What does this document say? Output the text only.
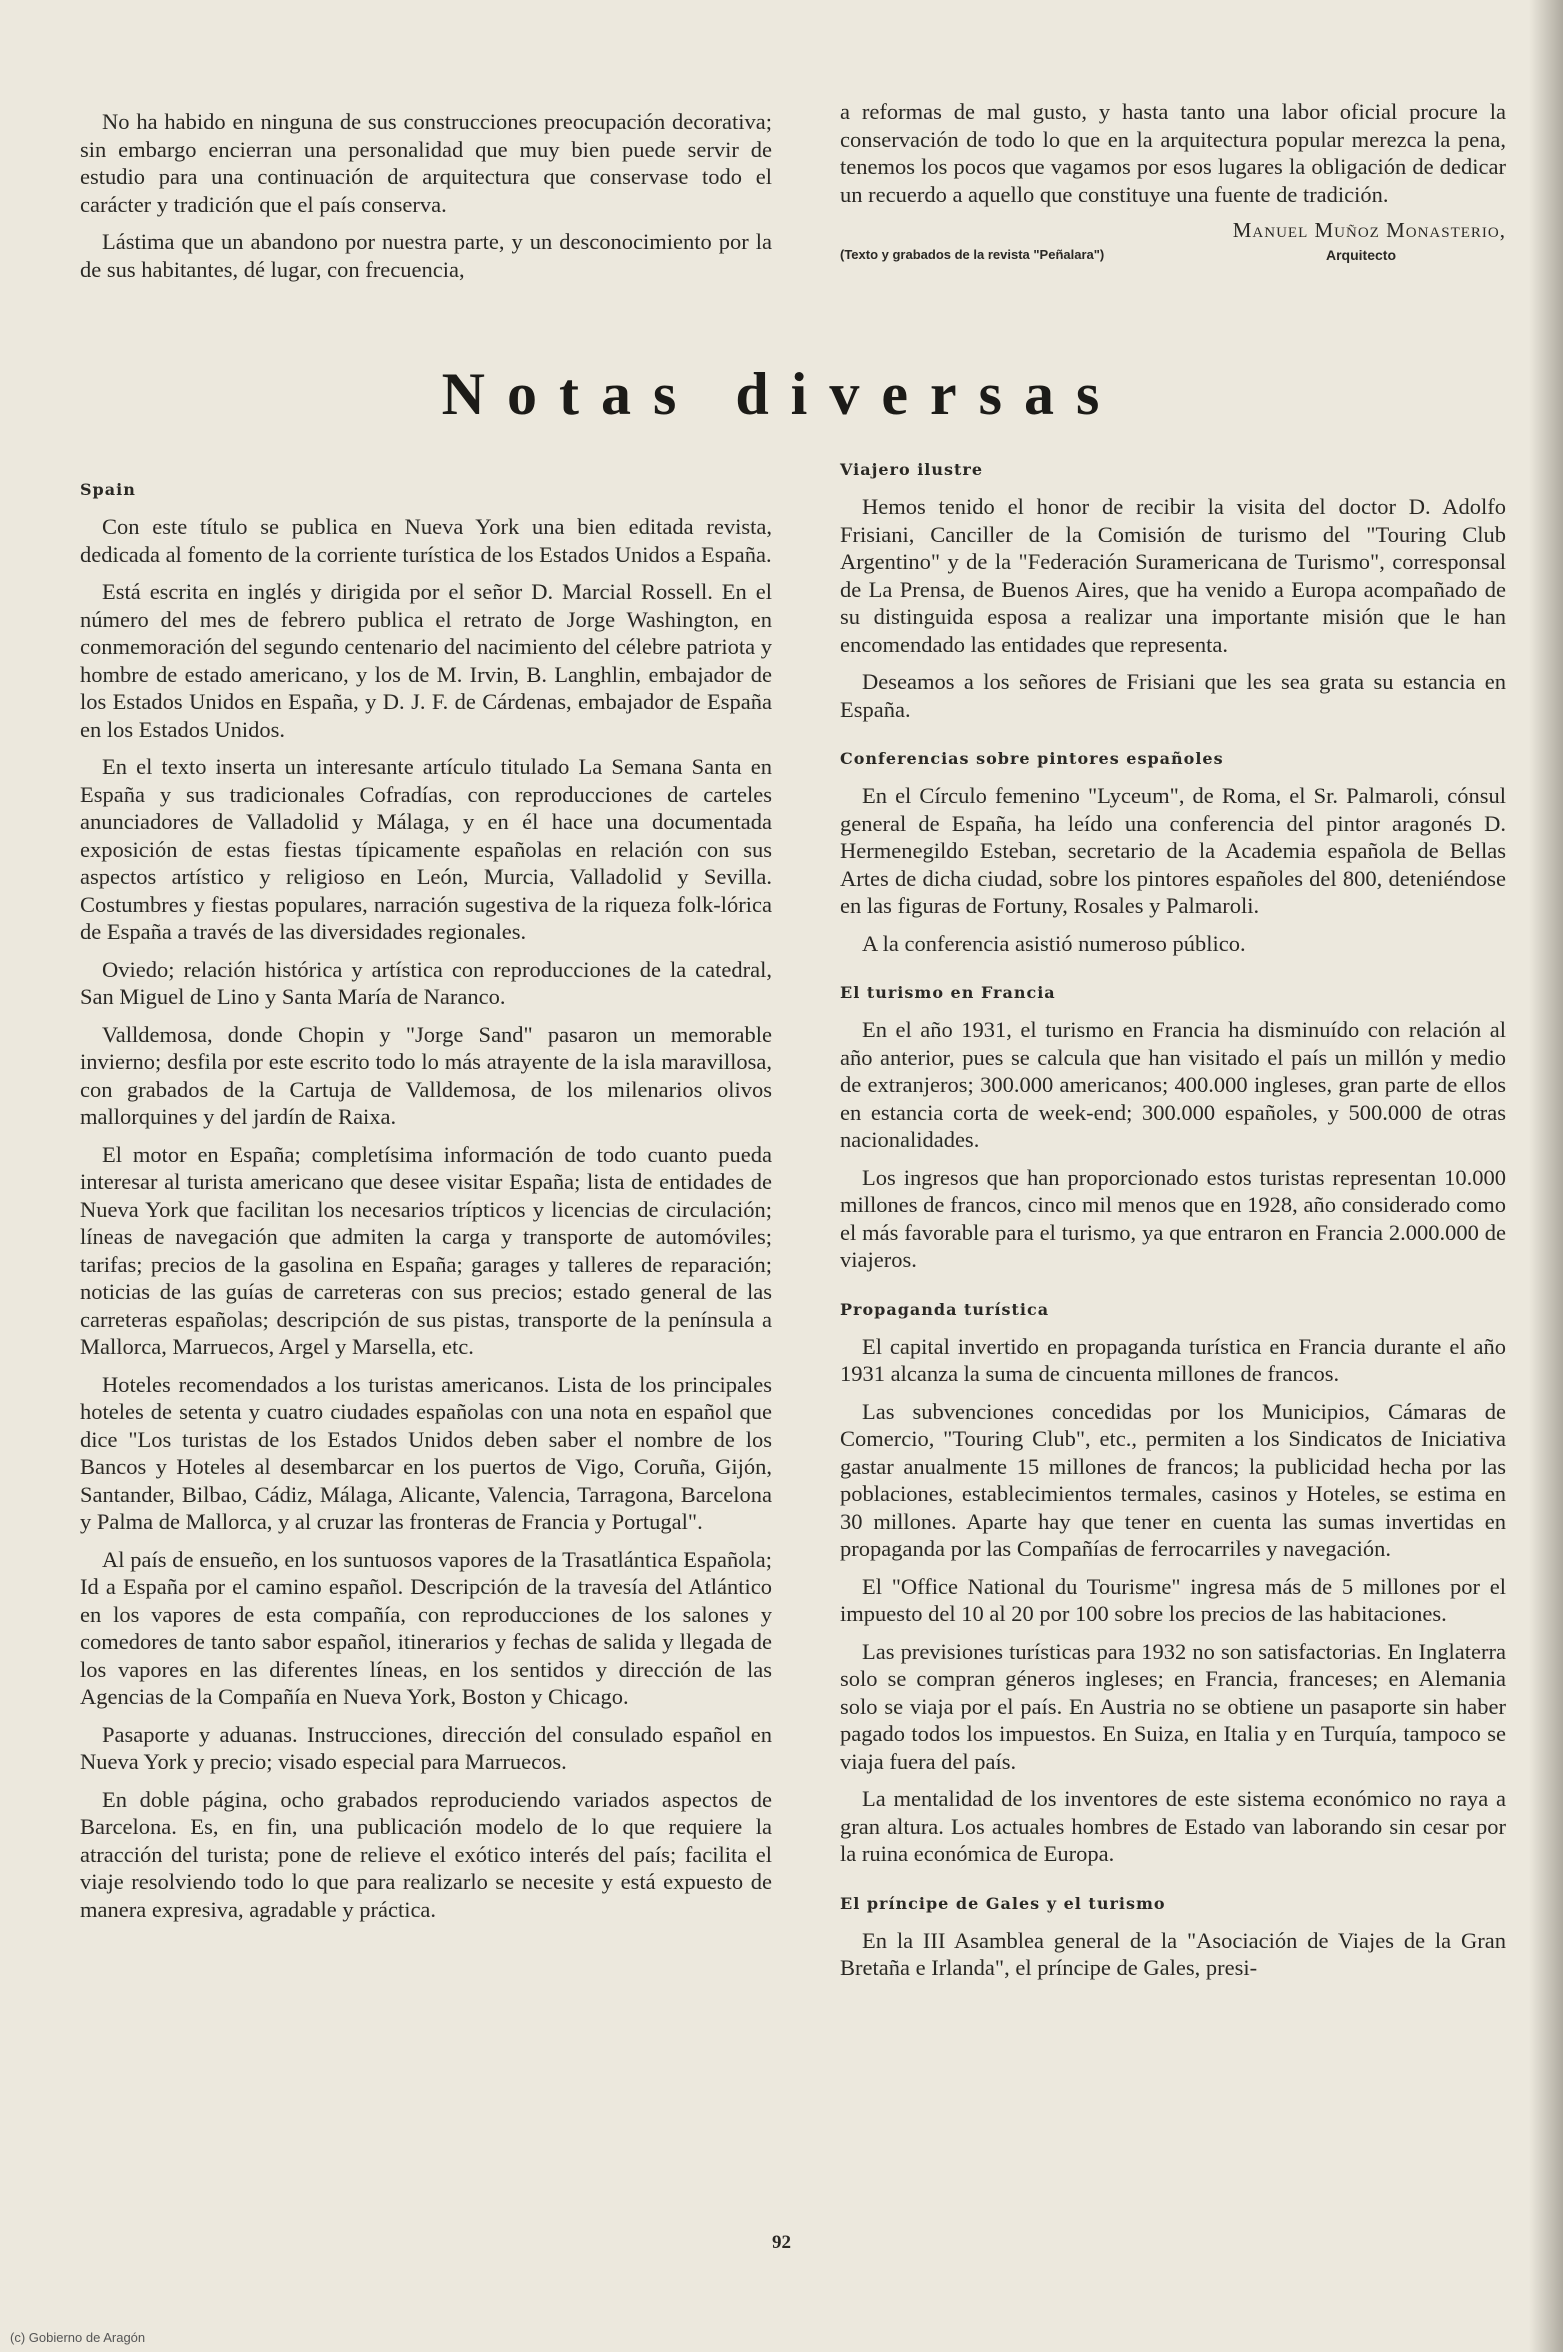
No ha habido en ninguna de sus construcciones preocupación decorativa; sin embargo encierran una personalidad que muy bien puede servir de estudio para una continuación de arquitectura que conservase todo el carácter y tradición que el país conserva.

Lástima que un abandono por nuestra parte, y un desconocimiento por la de sus habitantes, dé lugar, con frecuencia,

a reformas de mal gusto, y hasta tanto una labor oficial procure la conservación de todo lo que en la arquitectura popular merezca la pena, tenemos los pocos que vagamos por esos lugares la obligación de dedicar un recuerdo a aquello que constituye una fuente de tradición.

Manuel Muñoz Monasterio,
(Texto y grabados de la revista "Peñalara")	Arquitecto
Notas diversas
Spain

Con este título se publica en Nueva York una bien editada revista, dedicada al fomento de la corriente turística de los Estados Unidos a España.

Está escrita en inglés y dirigida por el señor D. Marcial Rossell. En el número del mes de febrero publica el retrato de Jorge Washington, en conmemoración del segundo centenario del nacimiento del célebre patriota y hombre de estado americano, y los de M. Irvin, B. Langhlin, embajador de los Estados Unidos en España, y D. J. F. de Cárdenas, embajador de España en los Estados Unidos.

En el texto inserta un interesante artículo titulado La Semana Santa en España y sus tradicionales Cofradías, con reproducciones de carteles anunciadores de Valladolid y Málaga, y en él hace una documentada exposición de estas fiestas típicamente españolas en relación con sus aspectos artístico y religioso en León, Murcia, Valladolid y Sevilla. Costumbres y fiestas populares, narración sugestiva de la riqueza folk-lórica de España a través de las diversidades regionales.

Oviedo; relación histórica y artística con reproducciones de la catedral, San Miguel de Lino y Santa María de Naranco.

Valldemosa, donde Chopin y "Jorge Sand" pasaron un memorable invierno; desfila por este escrito todo lo más atrayente de la isla maravillosa, con grabados de la Cartuja de Valldemosa, de los milenarios olivos mallorquines y del jardín de Raixa.

El motor en España; completísima información de todo cuanto pueda interesar al turista americano que desee visitar España; lista de entidades de Nueva York que facilitan los necesarios trípticos y licencias de circulación; líneas de navegación que admiten la carga y transporte de automóviles; tarifas; precios de la gasolina en España; garages y talleres de reparación; noticias de las guías de carreteras con sus precios; estado general de las carreteras españolas; descripción de sus pistas, transporte de la península a Mallorca, Marruecos, Argel y Marsella, etc.

Hoteles recomendados a los turistas americanos. Lista de los principales hoteles de setenta y cuatro ciudades españolas con una nota en español que dice "Los turistas de los Estados Unidos deben saber el nombre de los Bancos y Hoteles al desembarcar en los puertos de Vigo, Coruña, Gijón, Santander, Bilbao, Cádiz, Málaga, Alicante, Valencia, Tarragona, Barcelona y Palma de Mallorca, y al cruzar las fronteras de Francia y Portugal".

Al país de ensueño, en los suntuosos vapores de la Trasatlántica Española; Id a España por el camino español. Descripción de la travesía del Atlántico en los vapores de esta compañía, con reproducciones de los salones y comedores de tanto sabor español, itinerarios y fechas de salida y llegada de los vapores en las diferentes líneas, en los sentidos y dirección de las Agencias de la Compañía en Nueva York, Boston y Chicago.

Pasaporte y aduanas. Instrucciones, dirección del consulado español en Nueva York y precio; visado especial para Marruecos.

En doble página, ocho grabados reproduciendo variados aspectos de Barcelona. Es, en fin, una publicación modelo de lo que requiere la atracción del turista; pone de relieve el exótico interés del país; facilita el viaje resolviendo todo lo que para realizarlo se necesite y está expuesto de manera expresiva, agradable y práctica.

Viajero ilustre

Hemos tenido el honor de recibir la visita del doctor D. Adolfo Frisiani, Canciller de la Comisión de turismo del "Touring Club Argentino" y de la "Federación Suramericana de Turismo", corresponsal de La Prensa, de Buenos Aires, que ha venido a Europa acompañado de su distinguida esposa a realizar una importante misión que le han encomendado las entidades que representa.

Deseamos a los señores de Frisiani que les sea grata su estancia en España.

Conferencias sobre pintores españoles

En el Círculo femenino "Lyceum", de Roma, el Sr. Palmaroli, cónsul general de España, ha leído una conferencia del pintor aragonés D. Hermenegildo Esteban, secretario de la Academia española de Bellas Artes de dicha ciudad, sobre los pintores españoles del 800, deteniéndose en las figuras de Fortuny, Rosales y Palmaroli.

A la conferencia asistió numeroso público.

El turismo en Francia

En el año 1931, el turismo en Francia ha disminuído con relación al año anterior, pues se calcula que han visitado el país un millón y medio de extranjeros; 300.000 americanos; 400.000 ingleses, gran parte de ellos en estancia corta de week-end; 300.000 españoles, y 500.000 de otras nacionalidades.

Los ingresos que han proporcionado estos turistas representan 10.000 millones de francos, cinco mil menos que en 1928, año considerado como el más favorable para el turismo, ya que entraron en Francia 2.000.000 de viajeros.

Propaganda turística

El capital invertido en propaganda turística en Francia durante el año 1931 alcanza la suma de cincuenta millones de francos.

Las subvenciones concedidas por los Municipios, Cámaras de Comercio, "Touring Club", etc., permiten a los Sindicatos de Iniciativa gastar anualmente 15 millones de francos; la publicidad hecha por las poblaciones, establecimientos termales, casinos y Hoteles, se estima en 30 millones. Aparte hay que tener en cuenta las sumas invertidas en propaganda por las Compañías de ferrocarriles y navegación.

El "Office National du Tourisme" ingresa más de 5 millones por el impuesto del 10 al 20 por 100 sobre los precios de las habitaciones.

Las previsiones turísticas para 1932 no son satisfactorias. En Inglaterra solo se compran géneros ingleses; en Francia, franceses; en Alemania solo se viaja por el país. En Austria no se obtiene un pasaporte sin haber pagado todos los impuestos. En Suiza, en Italia y en Turquía, tampoco se viaja fuera del país.

La mentalidad de los inventores de este sistema económico no raya a gran altura. Los actuales hombres de Estado van laborando sin cesar por la ruina económica de Europa.

El príncipe de Gales y el turismo

En la III Asamblea general de la "Asociación de Viajes de la Gran Bretaña e Irlanda", el príncipe de Gales, presi-

92
(c) Gobierno de Aragón
